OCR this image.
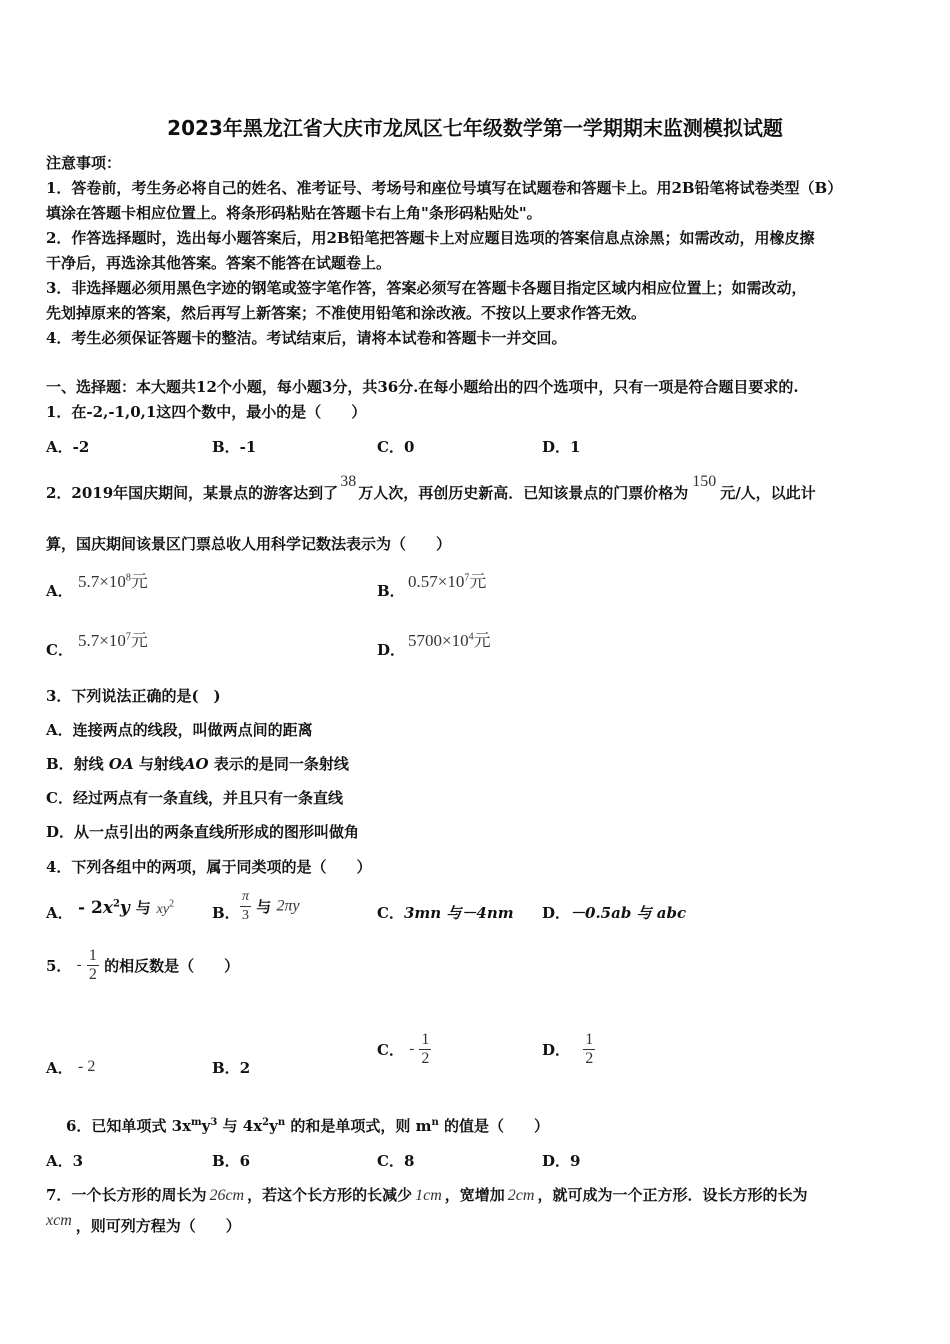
2023年黑龙江省大庆市龙凤区七年级数学第一学期期末监测模拟试题
注意事项：
1．答卷前，考生务必将自己的姓名、准考证号、考场号和座位号填写在试题卷和答题卡上。用2B铅笔将试卷类型（B）
填涂在答题卡相应位置上。将条形码粘贴在答题卡右上角"条形码粘贴处"。
2．作答选择题时，选出每小题答案后，用2B铅笔把答题卡上对应题目选项的答案信息点涂黑；如需改动，用橡皮擦
干净后，再选涂其他答案。答案不能答在试题卷上。
3．非选择题必须用黑色字迹的钢笔或签字笔作答，答案必须写在答题卡各题目指定区域内相应位置上；如需改动，
先划掉原来的答案，然后再写上新答案；不准使用铅笔和涂改液。不按以上要求作答无效。
4．考生必须保证答题卡的整洁。考试结束后，请将本试卷和答题卡一并交回。
一、选择题：本大题共12个小题，每小题3分，共36分.在每小题给出的四个选项中，只有一项是符合题目要求的.
1．在-2,-1,0,1这四个数中，最小的是（　　）
A．-2	B．-1	C．0	D．1
2．2019年国庆期间，某景点的游客达到了38万人次，再创历史新高．已知该景点的门票价格为150元/人，以此计
算，国庆期间该景区门票总收人用科学记数法表示为（　　）
A． $5.7\times 10^8$元	B． $0.57\times 10^7$元
C． $5.7\times 10^7$元	D． $5700\times 10^4$元
3．下列说法正确的是(　)
A．连接两点的线段，叫做两点间的距离
B．射线 OA 与射线AO 表示的是同一条射线
C．经过两点有一条直线，并且只有一条直线
D．从一点引出的两条直线所形成的图形叫做角
4．下列各组中的两项，属于同类项的是（　　）
A． - $2x^2y$ 与 $xy^2$
B． $\frac{\pi}{3}$ 与 2πy	C．3mn 与－4nm D．－0.5ab 与 abc
5． - $\frac{1}{2}$ 的相反数是（　　）
A． - 2	B．2
C． - $\frac{1}{2}$	D． $\frac{1}{2}$
6．已知单项式 $3x^my^3$ 与 $4x^2y^n$ 的和是单项式，则 $m^n$ 的值是（　　）
A．3	B．6	C．8	D．9
7．一个长方形的周长为 26cm ，若这个长方形的长减少 1cm ，宽增加 2cm ，就可成为一个正方形．设长方形的长为
xcm ，则可列方程为（　　）
